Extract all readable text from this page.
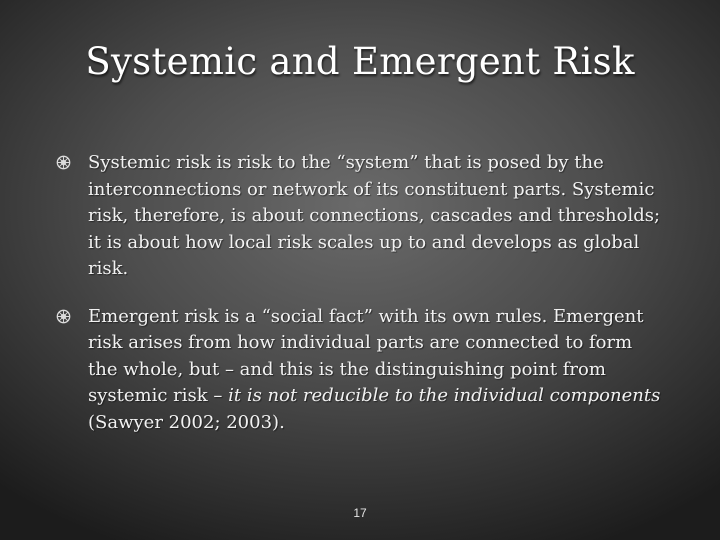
Systemic and Emergent Risk
Systemic risk is risk to the “system” that is posed by the interconnections or network of its constituent parts. Systemic risk, therefore, is about connections, cascades and thresholds; it is about how local risk scales up to and develops as global risk.
Emergent risk is a “social fact” with its own rules. Emergent risk arises from how individual parts are connected to form the whole, but – and this is the distinguishing point from systemic risk – it is not reducible to the individual components (Sawyer 2002; 2003).
17
